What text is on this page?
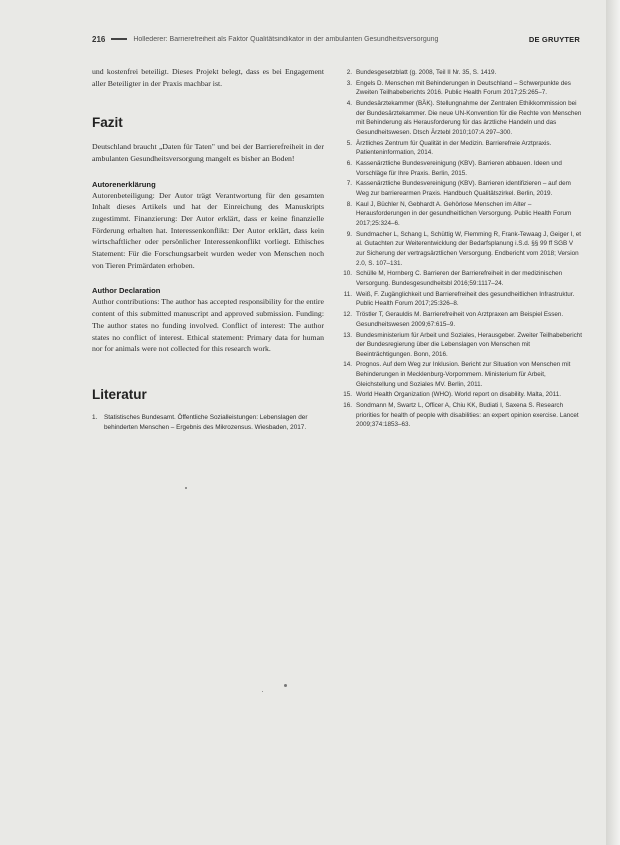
216	Hollederer: Barrierefreiheit als Faktor Qualitätsindikator in der ambulanten Gesundheitsversorgung	DE GRUYTER

und kostenfrei beteiligt. Dieses Projekt belegt, dass es bei Engagement aller Beteiligter in der Praxis machbar ist.

Fazit

Deutschland braucht „Daten für Taten" und bei der Barrierefreiheit in der ambulanten Gesundheitsversorgung mangelt es bisher an Boden!

Autorenerklärung

Autorenbeteiligung: Der Autor trägt Verantwortung für den gesamten Inhalt dieses Artikels und hat der Einreichung des Manuskripts zugestimmt. Finanzierung: Der Autor erklärt, dass er keine finanzielle Förderung erhalten hat. Interessenkonflikt: Der Autor erklärt, dass kein wirtschaftlicher oder persönlicher Interessenkonflikt vorliegt. Ethisches Statement: Für die Forschungsarbeit wurden weder von Menschen noch von Tieren Primärdaten erhoben.

Author Declaration

Author contributions: The author has accepted responsibility for the entire content of this submitted manuscript and approved submission. Funding: The author states no funding involved. Conflict of interest: The author states no conflict of interest. Ethical statement: Primary data for human nor for animals were not collected for this research work.

Literatur
1.	Statistisches Bundesamt. Öffentliche Sozialleistungen: Lebenslagen der behinderten Menschen – Ergebnis des Mikrozensus. Wiesbaden, 2017.
2. Bundesgesetzblatt (g. 2008, Teil II Nr. 35, S. 1419.
3. Engels D. Menschen mit Behinderungen in Deutschland – Schwerpunkte des Zweiten Teilhabeberichts 2016. Public Health Forum 2017;25:265–7.
4. Bundesärztekammer (BÄK). Stellungnahme der Zentralen Ethikkommission bei der Bundesärztekammer. Die neue UN-Konvention für die Rechte von Menschen mit Behinderung als Herausforderung für das ärztliche Handeln und das Gesundheitswesen. Dtsch Ärztebl 2010;107:A 297–300.
5. Ärztliches Zentrum für Qualität in der Medizin. Barrierefreie Arztpraxis. Patienteninformation, 2014.
6. Kassenärztliche Bundesvereinigung (KBV). Barrieren abbauen. Ideen und Vorschläge für Ihre Praxis. Berlin, 2015.
7. Kassenärztliche Bundesvereinigung (KBV). Barrieren identifizieren – auf dem Weg zur barrierearmen Praxis. Handbuch Qualitätszirkel. Berlin, 2019.
8. Kaul J, Büchler N, Gebhardt A. Gehörlose Menschen im Alter – Herausforderungen in der gesundheitlichen Versorgung. Public Health Forum 2017;25:324–6.
9. Sundmacher L, Schang L, Schüttig W, Flemming R, Frank-Tewaag J, Geiger I, et al. Gutachten zur Weiterentwicklung der Bedarfsplanung i.S.d. §§ 99 ff SGB V zur Sicherung der vertragsärztlichen Versorgung. Endbericht vom 2018; Version 2.0, S. 107–131.
10. Schülle M, Hornberg C. Barrieren der Barrierefreiheit in der medizinischen Versorgung. Bundesgesundheitsbl 2016;59:1117–24.
11. Weiß, F. Zugänglichkeit und Barrierefreiheit des gesundheitlichen Infrastruktur. Public Health Forum 2017;25:326–8.
12. Tröstler T, Gerauldis M. Barrierefreiheit von Arztpraxen am Beispiel Essen. Gesundheitswesen 2009;67:615–9.
13. Bundesministerium für Arbeit und Soziales, Herausgeber. Zweiter Teilhabebericht der Bundesregierung über die Lebenslagen von Menschen mit Beeinträchtigungen. Bonn, 2016.
14. Prognos. Auf dem Weg zur Inklusion. Bericht zur Situation von Menschen mit Behinderungen in Mecklenburg-Vorpommern. Ministerium für Arbeit, Gleichstellung und Soziales MV. Berlin, 2011.
15. World Health Organization (WHO). World report on disability. Malta, 2011.
16. Sondmann M, Swartz L, Officer A, Chiu KK, Budiati I, Saxena S. Research priorities for health of people with disabilities: an expert opinion exercise. Lancet 2009;374:1853–63.
